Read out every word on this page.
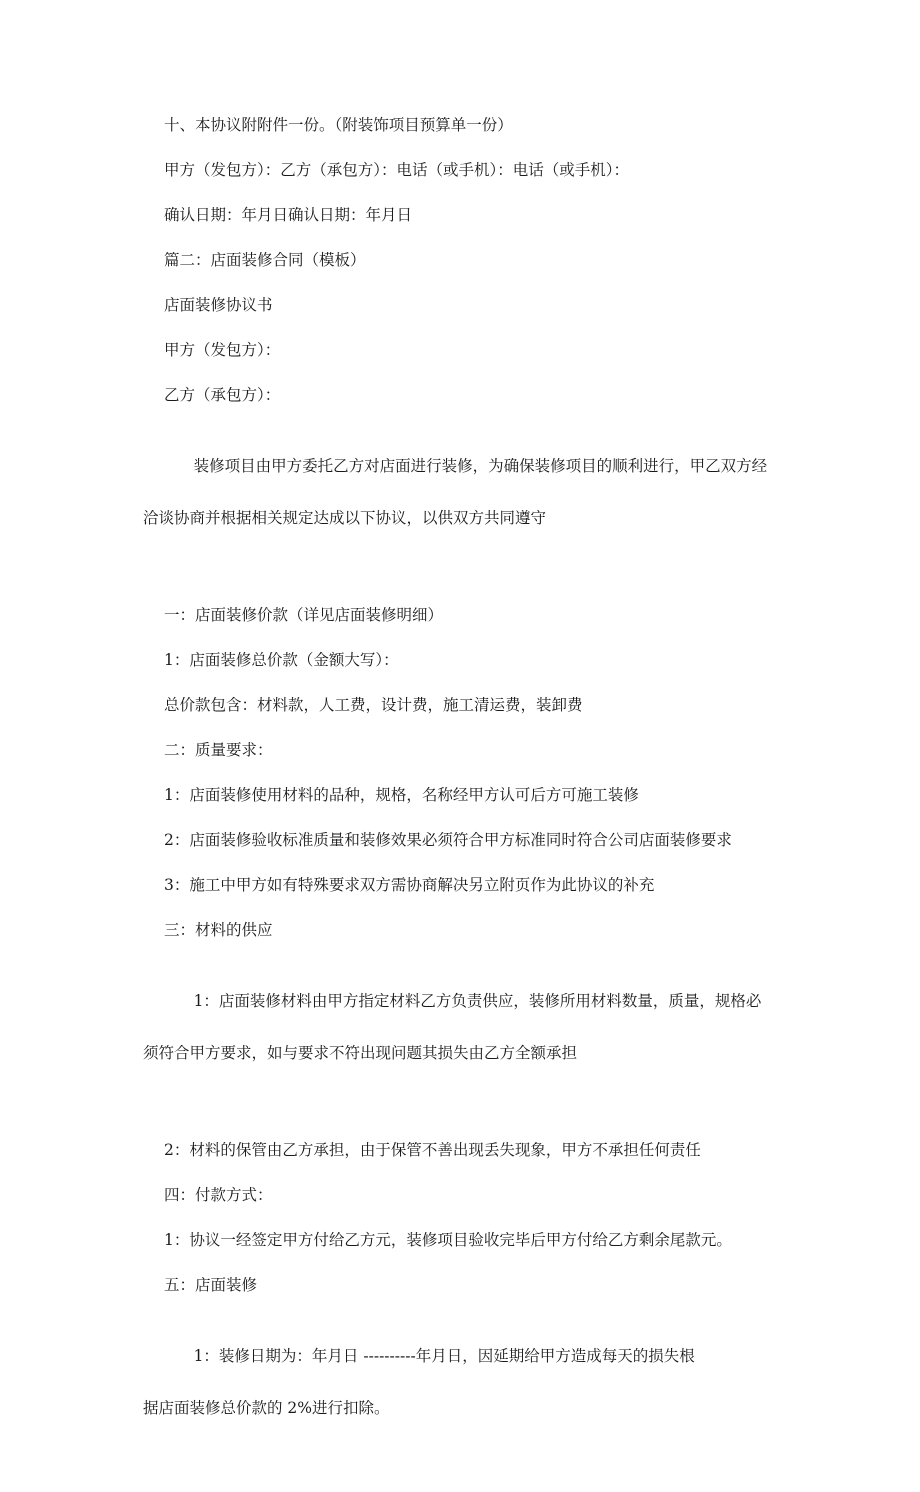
十、本协议附附件一份。（附装饰项目预算单一份）

甲方（发包方）：乙方（承包方）：电话（或手机）：电话（或手机）：

确认日期：年月日确认日期：年月日

篇二：店面装修合同（模板）

店面装修协议书

甲方（发包方）：

乙方（承包方）：

装修项目由甲方委托乙方对店面进行装修，为确保装修项目的顺利进行，甲乙双方经

洽谈协商并根据相关规定达成以下协议，以供双方共同遵守

一：店面装修价款（详见店面装修明细）

1：店面装修总价款（金额大写）：

总价款包含：材料款，人工费，设计费，施工清运费，装卸费

二：质量要求：

1：店面装修使用材料的品种，规格，名称经甲方认可后方可施工装修

2：店面装修验收标准质量和装修效果必须符合甲方标准同时符合公司店面装修要求

3：施工中甲方如有特殊要求双方需协商解决另立附页作为此协议的补充

三：材料的供应

1：店面装修材料由甲方指定材料乙方负责供应，装修所用材料数量，质量，规格必

须符合甲方要求，如与要求不符出现问题其损失由乙方全额承担

2：材料的保管由乙方承担，由于保管不善出现丢失现象，甲方不承担任何责任

四：付款方式：

1：协议一经签定甲方付给乙方元，装修项目验收完毕后甲方付给乙方剩余尾款元。

五：店面装修

1：装修日期为：年月日 ----------年月日，因延期给甲方造成每天的损失根

据店面装修总价款的 2%进行扣除。
